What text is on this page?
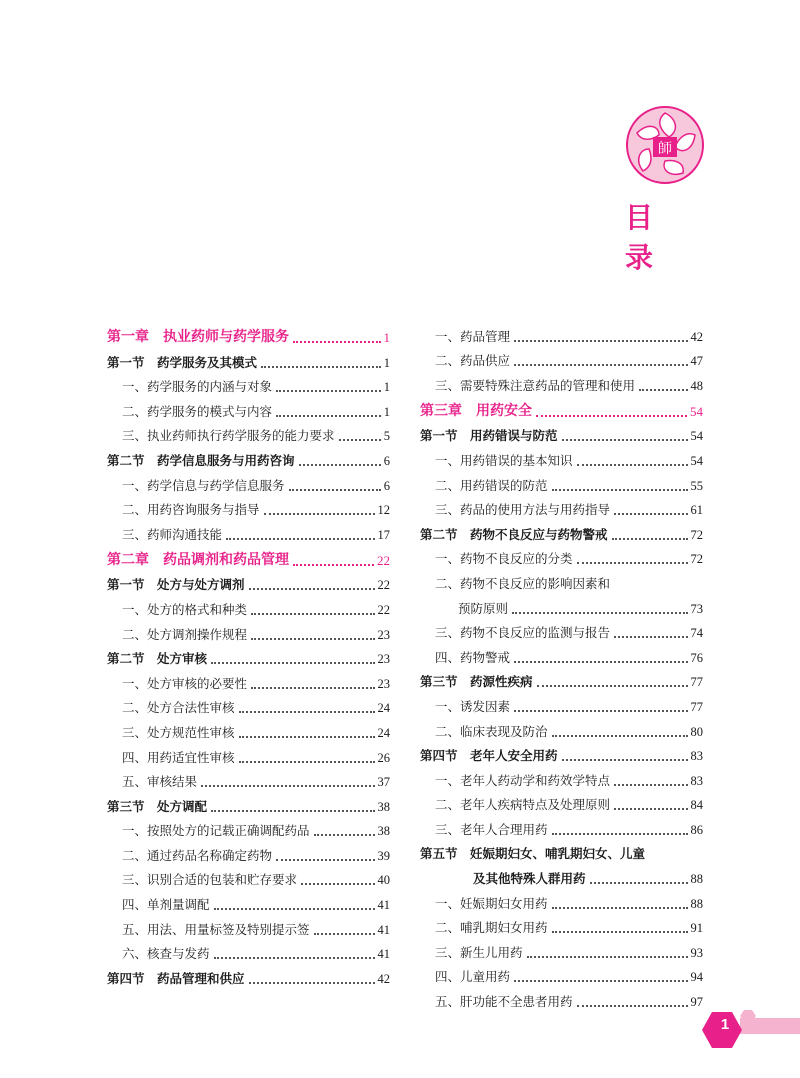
師
目 录
第一章　执业药师与药学服务	1
第一节　药学服务及其模式	1
一、药学服务的内涵与对象	1
二、药学服务的模式与内容	1
三、执业药师执行药学服务的能力要求	5
第二节　药学信息服务与用药咨询	6
一、药学信息与药学信息服务	6
二、用药咨询服务与指导	12
三、药师沟通技能	17
第二章　药品调剂和药品管理	22
第一节　处方与处方调剂	22
一、处方的格式和种类	22
二、处方调剂操作规程	23
第二节　处方审核	23
一、处方审核的必要性	23
二、处方合法性审核	24
三、处方规范性审核	24
四、用药适宜性审核	26
五、审核结果	37
第三节　处方调配	38
一、按照处方的记载正确调配药品	38
二、通过药品名称确定药物	39
三、识别合适的包装和贮存要求	40
四、单剂量调配	41
五、用法、用量标签及特别提示签	41
六、核查与发药	41
第四节　药品管理和供应	42
一、药品管理	42
二、药品供应	47
三、需要特殊注意药品的管理和使用	48
第三章　用药安全	54
第一节　用药错误与防范	54
一、用药错误的基本知识	54
二、用药错误的防范	55
三、药品的使用方法与用药指导	61
第二节　药物不良反应与药物警戒	72
一、药物不良反应的分类	72
二、药物不良反应的影响因素和
预防原则	73
三、药物不良反应的监测与报告	74
四、药物警戒	76
第三节　药源性疾病	77
一、诱发因素	77
二、临床表现及防治	80
第四节　老年人安全用药	83
一、老年人药动学和药效学特点	83
二、老年人疾病特点及处理原则	84
三、老年人合理用药	86
第五节　妊娠期妇女、哺乳期妇女、儿童
及其他特殊人群用药	88
一、妊娠期妇女用药	88
二、哺乳期妇女用药	91
三、新生儿用药	93
四、儿童用药	94
五、肝功能不全患者用药	97
1
